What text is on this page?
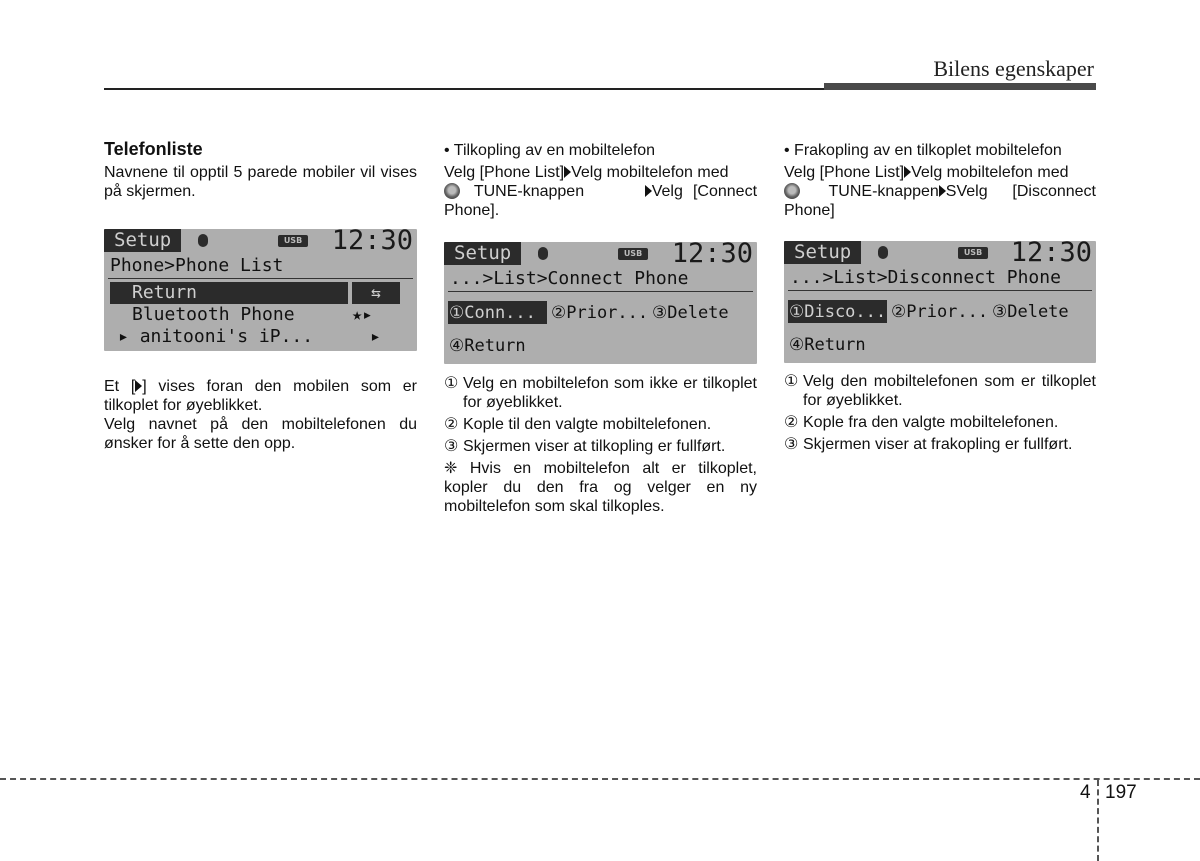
Bilens egenskaper

Telefonliste

Navnene til opptil 5 parede mobiler vil vises på skjermen.

Setup	USB 12:30
Phone>Phone List
Return	⇆
Bluetooth Phone	★▸
▸ anitooni's iP...	▸

Et [ ] vises foran den mobilen som er tilkoplet for øyeblikket.

Velg navnet på den mobiltelefonen du ønsker for å sette den opp.

• Tilkopling av en mobiltelefon

Velg [Phone List] Velg mobiltelefon med
TUNE-knappen	Velg [Connect Phone].

Setup	USB 12:30
...>List>Connect Phone
①Conn... ②Prior... ③Delete
④Return
① Velg en mobiltelefon som ikke er tilkoplet for øyeblikket.
② Kople til den valgte mobiltelefonen.
③ Skjermen viser at tilkopling er fullført.

❈ Hvis en mobiltelefon alt er tilkoplet, kopler du den fra og velger en ny mobiltelefon som skal tilkoples.

• Frakopling av en tilkoplet mobiltelefon

Velg [Phone List] Velg mobiltelefon med
TUNE-knappen SVelg [Disconnect Phone]

Setup	USB 12:30
...>List>Disconnect Phone
①Disco... ②Prior... ③Delete
④Return
① Velg den mobiltelefonen som er tilkoplet for øyeblikket.
② Kople fra den valgte mobiltelefonen.
③ Skjermen viser at frakopling er fullført.
4 197
